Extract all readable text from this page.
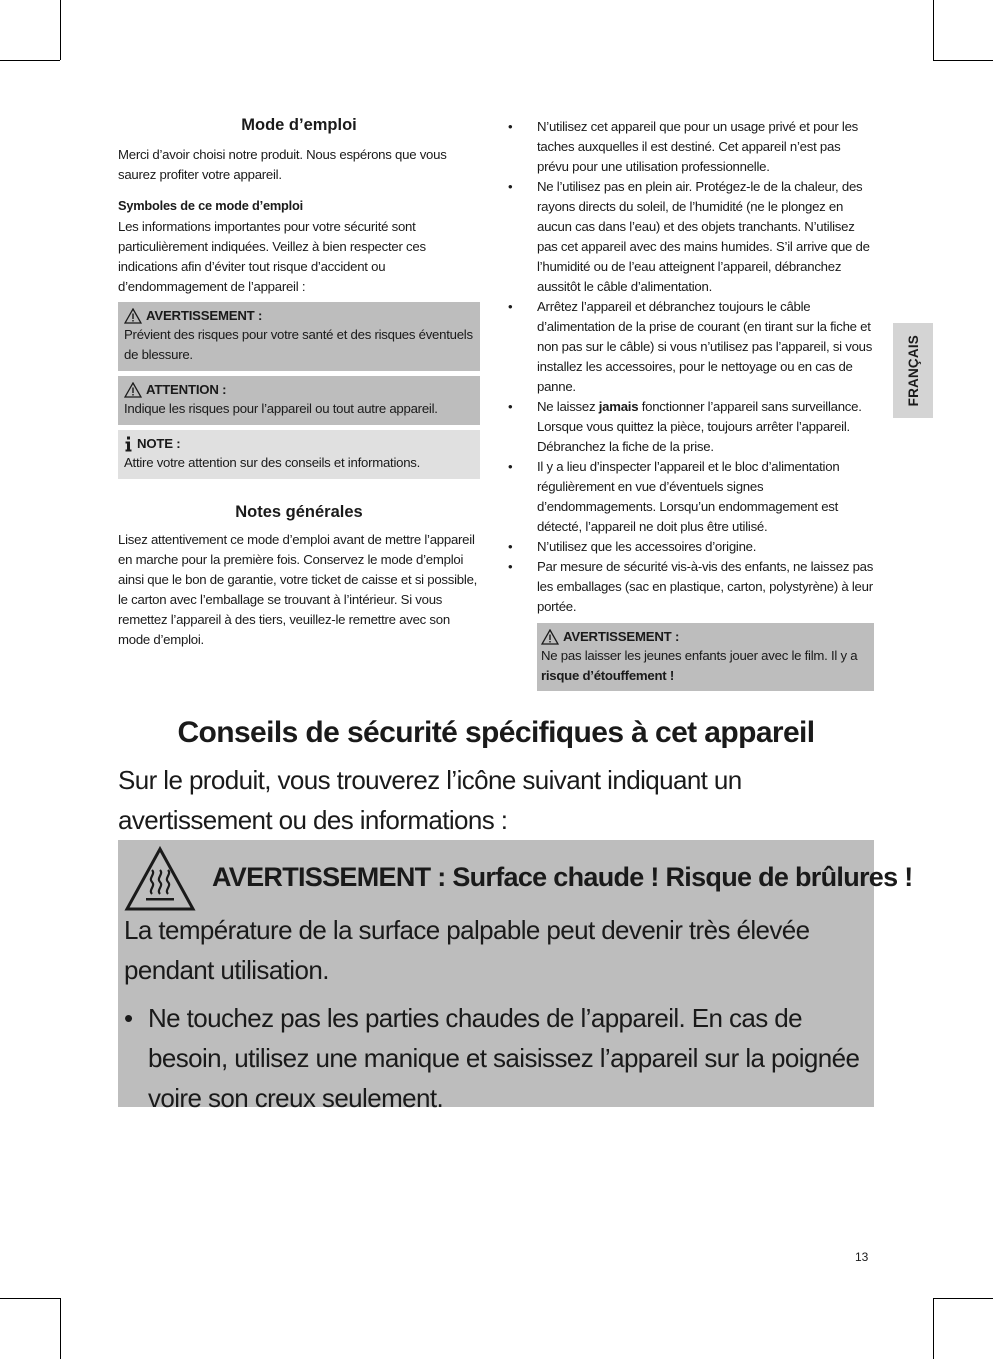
FRANÇAIS
Mode d’emploi

Merci d’avoir choisi notre produit. Nous espérons que vous saurez profiter votre appareil.

Symboles de ce mode d’emploi

Les informations importantes pour votre sécurité sont particulièrement indiquées. Veillez à bien respecter ces indications afin d’éviter tout risque d’accident ou d’endommagement de l’appareil :

AVERTISSEMENT :
Prévient des risques pour votre santé et des risques éventuels de blessure.
ATTENTION :
Indique les risques pour l’appareil ou tout autre appareil.
NOTE :
Attire votre attention sur des conseils et informations.
Notes générales

Lisez attentivement ce mode d’emploi avant de mettre l’appareil en marche pour la première fois. Conservez le mode d’emploi ainsi que le bon de garantie, votre ticket de caisse et si possible, le carton avec l’emballage se trouvant à l’intérieur. Si vous remettez l’appareil à des tiers, veuillez-le remettre avec son mode d’emploi.

• N’utilisez cet appareil que pour un usage privé et pour les taches auxquelles il est destiné. Cet appareil n’est pas prévu pour une utilisation professionnelle.
• Ne l’utilisez pas en plein air. Protégez-le de la chaleur, des rayons directs du soleil, de l’humidité (ne le plongez en aucun cas dans l’eau) et des objets tranchants. N’utilisez pas cet appareil avec des mains humides. S’il arrive que de l’humidité ou de l’eau atteignent l’appareil, débranchez aussitôt le câble d’alimentation.
• Arrêtez l’appareil et débranchez toujours le câble d’alimentation de la prise de courant (en tirant sur la fiche et non pas sur le câble) si vous n’utilisez pas l’appareil, si vous installez les accessoires, pour le nettoyage ou en cas de panne.
• Ne laissez jamais fonctionner l’appareil sans surveillance. Lorsque vous quittez la pièce, toujours arrêter l’appareil. Débranchez la fiche de la prise.
• Il y a lieu d’inspecter l’appareil et le bloc d’alimentation régulièrement en vue d’éventuels signes d’endommagements. Lorsqu’un endommagement est détecté, l’appareil ne doit plus être utilisé.
• N’utilisez que les accessoires d’origine.
• Par mesure de sécurité vis-à-vis des enfants, ne laissez pas les emballages (sac en plastique, carton, polystyrène) à leur portée.
AVERTISSEMENT :
Ne pas laisser les jeunes enfants jouer avec le film. Il y a risque d’étouffement !
Conseils de sécurité spécifiques à cet appareil

Sur le produit, vous trouverez l’icône suivant indiquant un avertissement ou des informations :

AVERTISSEMENT : Surface chaude ! Risque de brûlures !

La température de la surface palpable peut devenir très élevée pendant utilisation.

• Ne touchez pas les parties chaudes de l’appareil. En cas de besoin, utilisez une manique et saisissez l’appareil sur la poignée voire son creux seulement.

13
